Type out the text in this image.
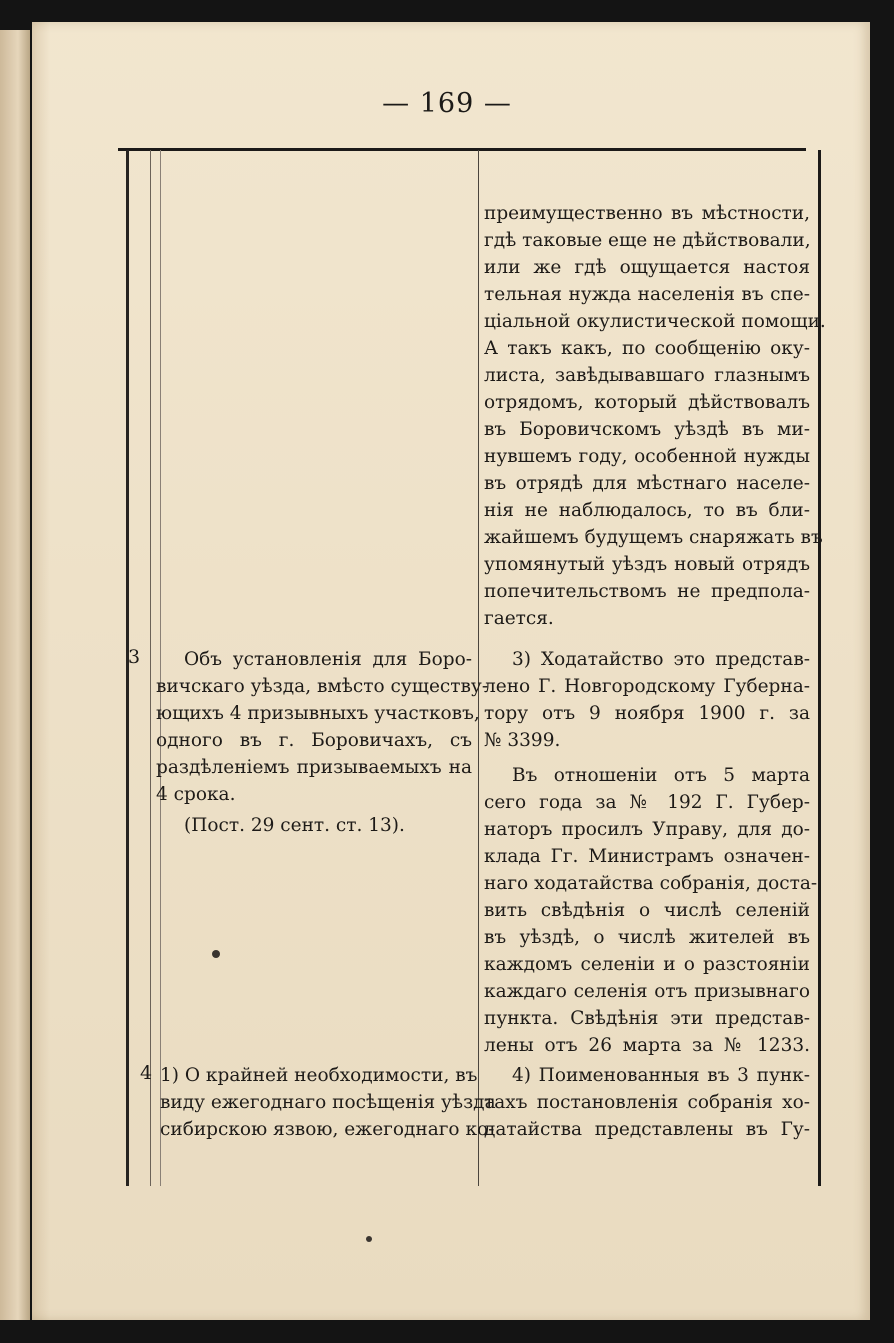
— 169 —
преимущественно въ мѣстности,
гдѣ таковые еще не дѣйствовали,
или же гдѣ ощущается настоя
тельная нужда населенія въ спе-
ціальной окулистической помощи.
А такъ какъ, по сообщенію оку-
листа, завѣдывавшаго глазнымъ
отрядомъ, который дѣйствовалъ
въ Боровичскомъ уѣздѣ въ ми-
нувшемъ году, особенной нужды
въ отрядѣ для мѣстнаго населе-
нія не наблюдалось, то въ бли-
жайшемъ будущемъ снаряжать въ
упомянутый уѣздъ новый отрядъ
попечительствомъ не предпола-
гается.
3	Объ установленія для Боро-
вичскаго уѣзда, вмѣсто существу-
ющихъ 4 призывныхъ участковъ,
одного въ г. Боровичахъ, съ
раздѣленіемъ призываемыхъ на
4 срока.
(Пост. 29 сент. ст. 13).
3) Ходатайство это представ-
лено Г. Новгородскому Губерна-
тору отъ 9 ноября 1900 г. за
№ 3399.
Въ отношеніи отъ 5 марта
сего года за № 192 Г. Губер-
наторъ просилъ Управу, для до-
клада Гг. Министрамъ означен-
наго ходатайства собранія, доста-
вить свѣдѣнія о числѣ селеній
въ уѣздѣ, о числѣ жителей въ
каждомъ селеніи и о разстояніи
каждаго селенія отъ призывнаго
пункта. Свѣдѣнія эти представ-
лены отъ 26 марта за № 1233.
4 1) О крайней необходимости, въ
виду ежегоднаго посѣщенія уѣзда
сибирскою язвою, ежегоднаго ко-
4) Поименованныя въ 3 пунк-
тахъ постановленія собранія хо-
датайства представлены въ Гу-
